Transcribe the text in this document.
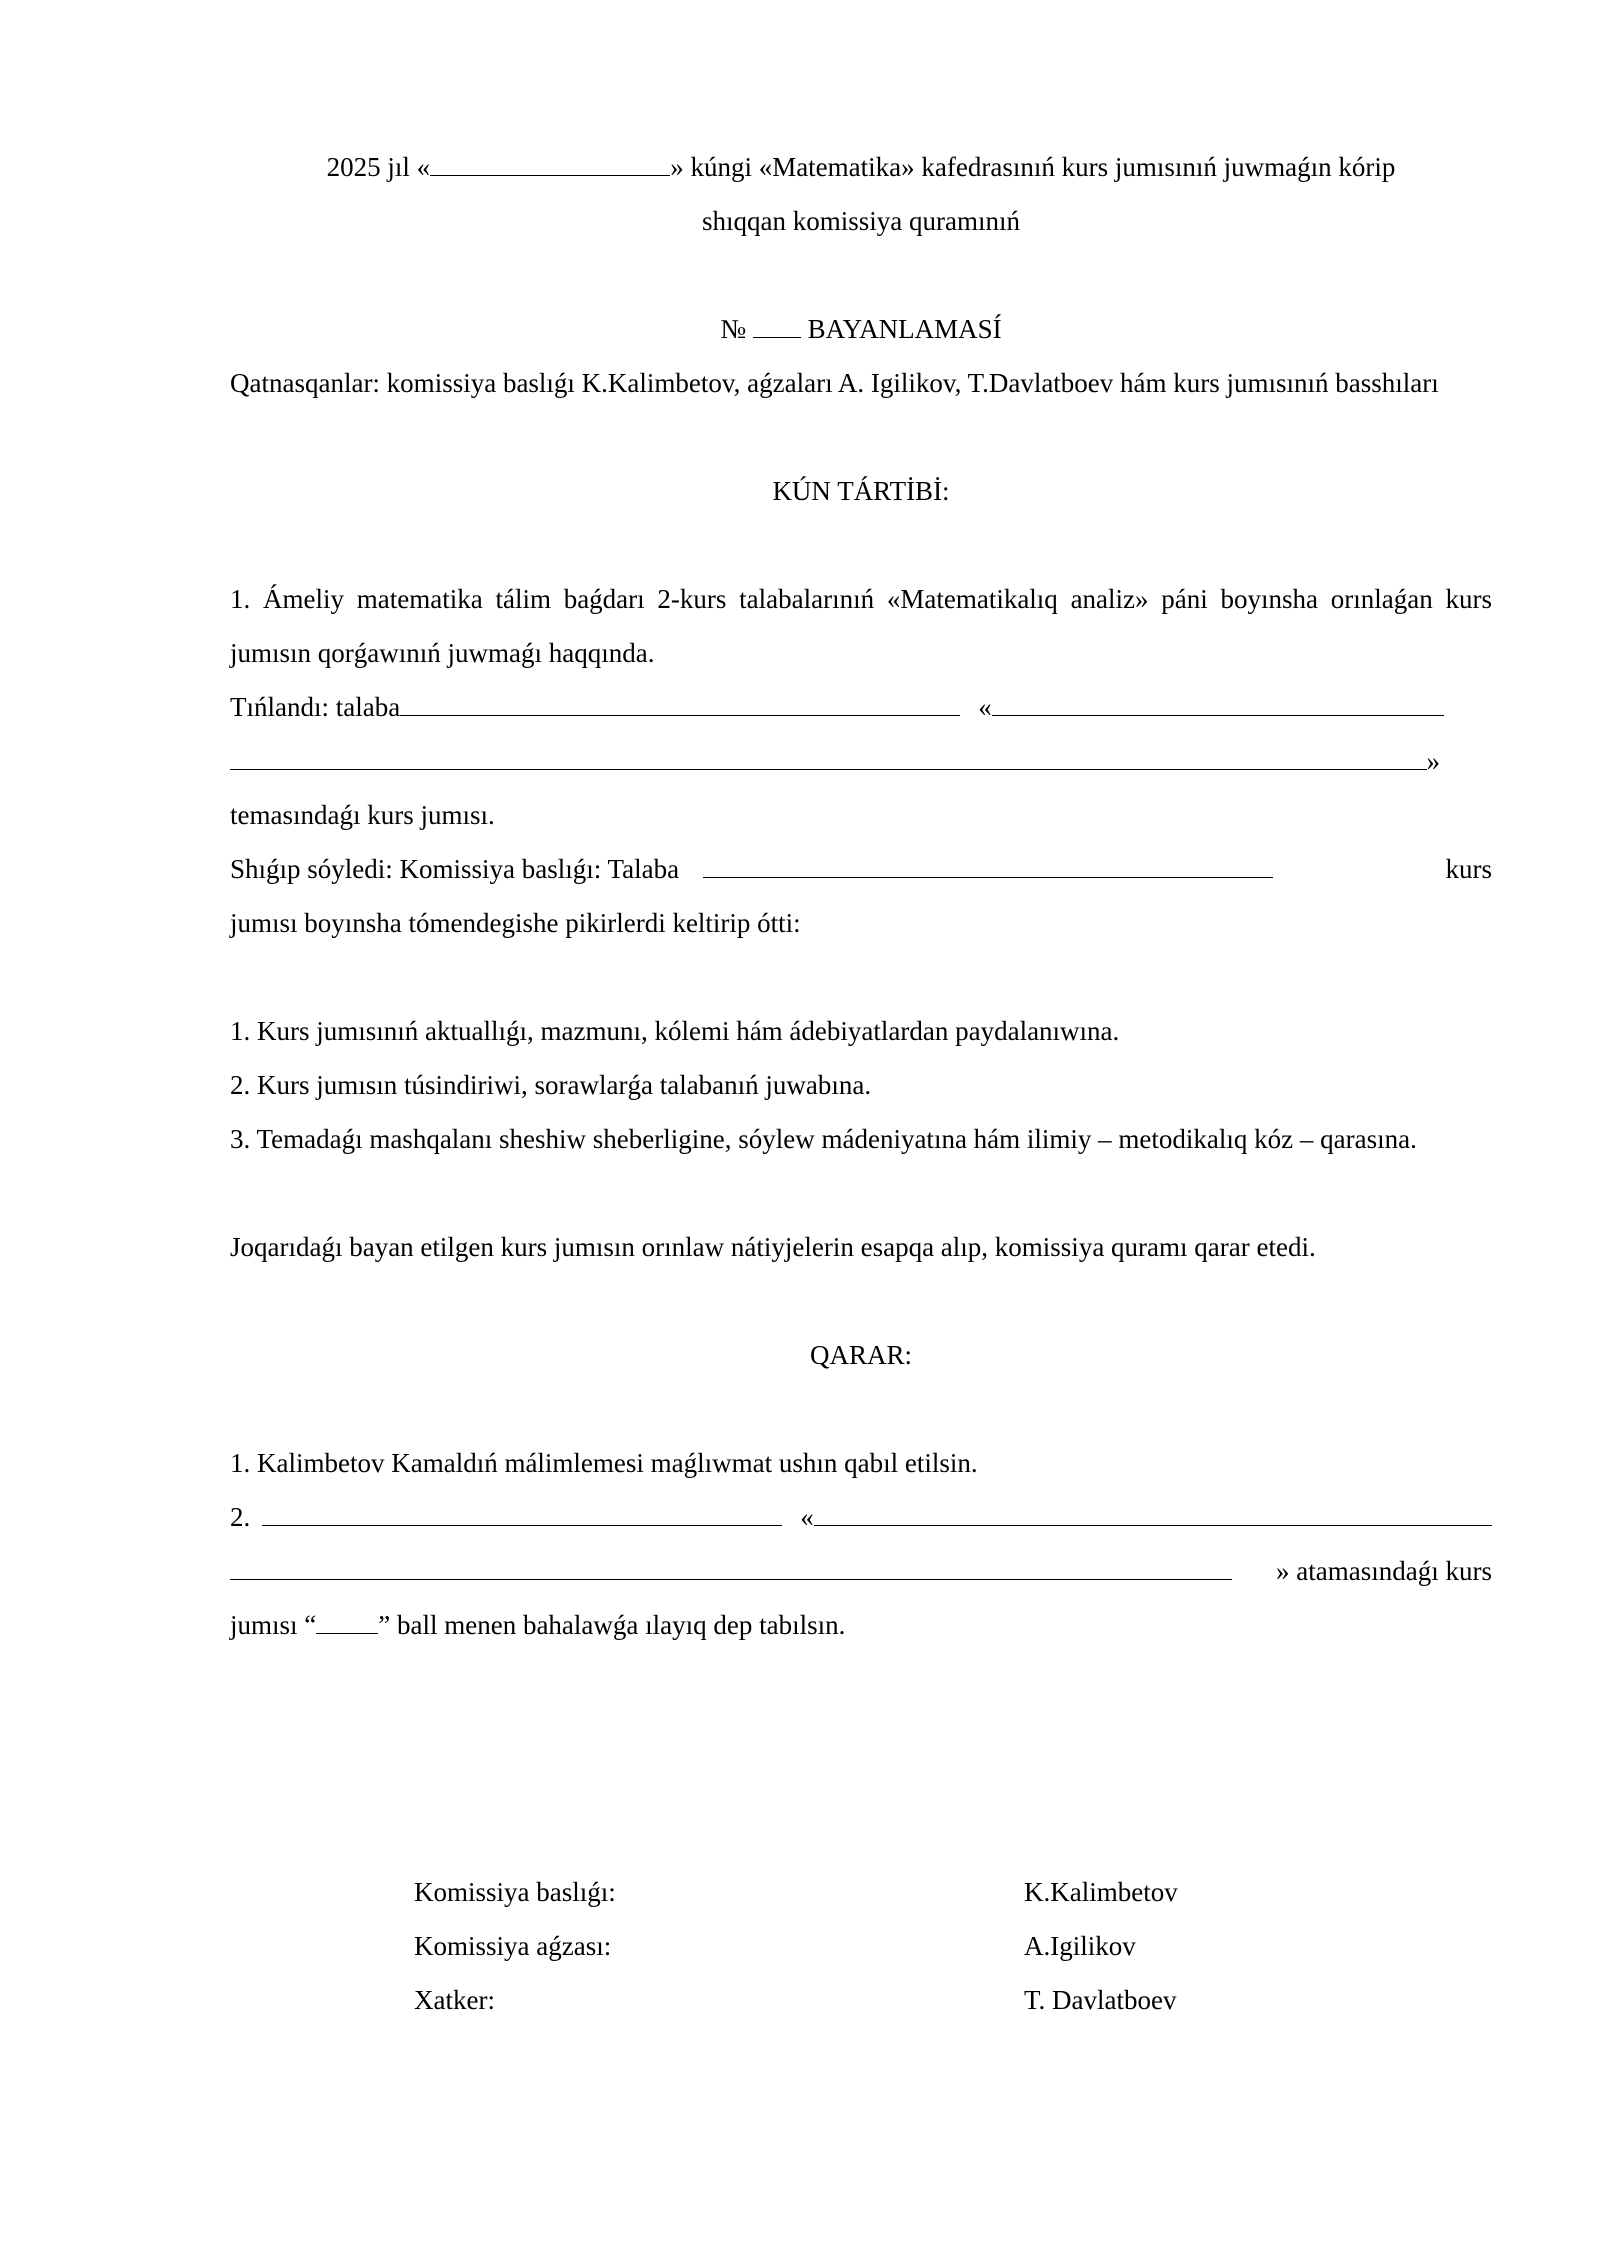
2025 jıl «	» kúngi «Matematika» kafedrasınıń kurs jumısınıń juwmaǵın kórip
shıqqan komissiya quramınıń
№  BAYANLAMASÍ
Qatnasqanlar: komissiya baslıǵı K.Kalimbetov, aǵzaları A. Igilikov, T.Davlatboev hám kurs jumısınıń basshıları
KÚN TÁRTİBİ:
1. Ámeliy matematika tálim baǵdarı 2-kurs talabalarınıń «Matematikalıq analiz» páni boyınsha orınlaǵan kurs jumısın qorǵawınıń juwmaǵı haqqında.
Tıńlandı: talaba	«
»
temasındaǵı kurs jumısı.
Shıǵıp sóyledi: Komissiya baslıǵı: Talaba	kurs
jumısı boyınsha tómendegishe pikirlerdi keltirip ótti:
1. Kurs jumısınıń aktuallıǵı, mazmunı, kólemi hám ádebiyatlardan paydalanıwına.
2. Kurs jumısın túsindiriwi, sorawlarǵa talabanıń juwabına.
3. Temadaǵı mashqalanı sheshiw sheberligine, sóylew mádeniyatına hám ilimiy – metodikalıq kóz – qarasına.
Joqarıdaǵı bayan etilgen kurs jumısın orınlaw nátiyjelerin esapqa alıp, komissiya quramı qarar etedi.
QARAR:
1. Kalimbetov Kamaldıń málimlemesi maǵlıwmat ushın qabıl etilsin.
2.	«
» atamasındaǵı kurs
jumısı “ ” ball menen bahalawǵa ılayıq dep tabılsın.
Komissiya baslıǵı:	K.Kalimbetov
Komissiya aǵzası:	A.Igilikov
Xatker:	T. Davlatboev
